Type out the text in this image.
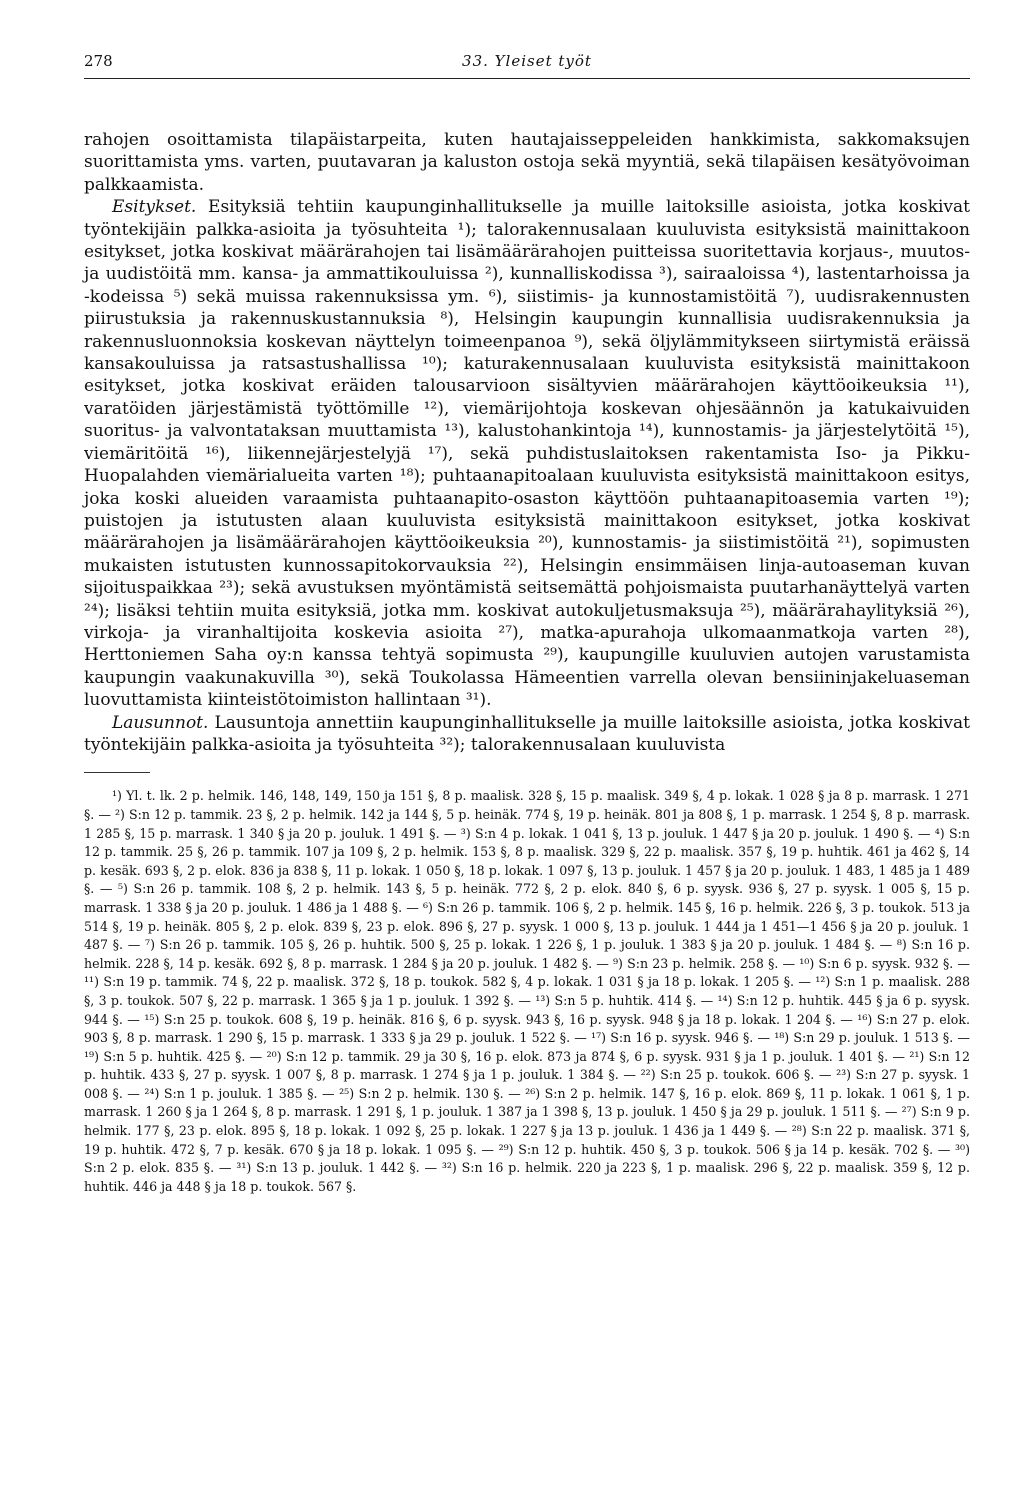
278	33. Yleiset työt

rahojen osoittamista tilapäistarpeita, kuten hautajaisseppeleiden hankkimista, sakkomaksujen suorittamista yms. varten, puutavaran ja kaluston ostoja sekä myyntiä, sekä tilapäisen kesätyövoiman palkkaamista.

Esitykset. Esityksiä tehtiin kaupunginhallitukselle ja muille laitoksille asioista, jotka koskivat työntekijäin palkka-asioita ja työsuhteita ¹); talorakennusalaan kuuluvista esityksistä mainittakoon esitykset, jotka koskivat määrärahojen tai lisämäärärahojen puitteissa suoritettavia korjaus-, muutos- ja uudistöitä mm. kansa- ja ammattikouluissa ²), kunnalliskodissa ³), sairaaloissa ⁴), lastentarhoissa ja -kodeissa ⁵) sekä muissa rakennuksissa ym. ⁶), siistimis- ja kunnostamistöitä ⁷), uudisrakennusten piirustuksia ja rakennuskustannuksia ⁸), Helsingin kaupungin kunnallisia uudisrakennuksia ja rakennusluonnoksia koskevan näyttelyn toimeenpanoa ⁹), sekä öljylämmitykseen siirtymistä eräissä kansakouluissa ja ratsastushallissa ¹⁰); katurakennusalaan kuuluvista esityksistä mainittakoon esitykset, jotka koskivat eräiden talousarvioon sisältyvien määrärahojen käyttöoikeuksia ¹¹), varatöiden järjestämistä työttömille ¹²), viemärijohtoja koskevan ohjesäännön ja katukaivuiden suoritus- ja valvontataksan muuttamista ¹³), kalustohankintoja ¹⁴), kunnostamis- ja järjestelytöitä ¹⁵), viemäritöitä ¹⁶), liikennejärjestelyjä ¹⁷), sekä puhdistuslaitoksen rakentamista Iso- ja Pikku-Huopalahden viemärialueita varten ¹⁸); puhtaanapitoalaan kuuluvista esityksistä mainittakoon esitys, joka koski alueiden varaamista puhtaanapito-osaston käyttöön puhtaanapitoasemia varten ¹⁹); puistojen ja istutusten alaan kuuluvista esityksistä mainittakoon esitykset, jotka koskivat määrärahojen ja lisämäärärahojen käyttöoikeuksia ²⁰), kunnostamis- ja siistimistöitä ²¹), sopimusten mukaisten istutusten kunnossapitokorvauksia ²²), Helsingin ensimmäisen linja-autoaseman kuvan sijoituspaikkaa ²³); sekä avustuksen myöntämistä seitsemättä pohjoismaista puutarhanäyttelyä varten ²⁴); lisäksi tehtiin muita esityksiä, jotka mm. koskivat autokuljetusmaksuja ²⁵), määrärahaylityksiä ²⁶), virkoja- ja viranhaltijoita koskevia asioita ²⁷), matka-apurahoja ulkomaanmatkoja varten ²⁸), Herttoniemen Saha oy:n kanssa tehtyä sopimusta ²⁹), kaupungille kuuluvien autojen varustamista kaupungin vaakunakuvilla ³⁰), sekä Toukolassa Hämeentien varrella olevan bensiininjakeluaseman luovuttamista kiinteistötoimiston hallintaan ³¹).

Lausunnot. Lausuntoja annettiin kaupunginhallitukselle ja muille laitoksille asioista, jotka koskivat työntekijäin palkka-asioita ja työsuhteita ³²); talorakennusalaan kuuluvista

¹) Yl. t. lk. 2 p. helmik. 146, 148, 149, 150 ja 151 §, 8 p. maalisk. 328 §, 15 p. maalisk. 349 §, 4 p. lokak. 1 028 § ja 8 p. marrask. 1 271 §. — ²) S:n 12 p. tammik. 23 §, 2 p. helmik. 142 ja 144 §, 5 p. heinäk. 774 §, 19 p. heinäk. 801 ja 808 §, 1 p. marrask. 1 254 §, 8 p. marrask. 1 285 §, 15 p. marrask. 1 340 § ja 20 p. jouluk. 1 491 §. — ³) S:n 4 p. lokak. 1 041 §, 13 p. jouluk. 1 447 § ja 20 p. jouluk. 1 490 §. — ⁴) S:n 12 p. tammik. 25 §, 26 p. tammik. 107 ja 109 §, 2 p. helmik. 153 §, 8 p. maalisk. 329 §, 22 p. maalisk. 357 §, 19 p. huhtik. 461 ja 462 §, 14 p. kesäk. 693 §, 2 p. elok. 836 ja 838 §, 11 p. lokak. 1 050 §, 18 p. lokak. 1 097 §, 13 p. jouluk. 1 457 § ja 20 p. jouluk. 1 483, 1 485 ja 1 489 §. — ⁵) S:n 26 p. tammik. 108 §, 2 p. helmik. 143 §, 5 p. heinäk. 772 §, 2 p. elok. 840 §, 6 p. syysk. 936 §, 27 p. syysk. 1 005 §, 15 p. marrask. 1 338 § ja 20 p. jouluk. 1 486 ja 1 488 §. — ⁶) S:n 26 p. tammik. 106 §, 2 p. helmik. 145 §, 16 p. helmik. 226 §, 3 p. toukok. 513 ja 514 §, 19 p. heinäk. 805 §, 2 p. elok. 839 §, 23 p. elok. 896 §, 27 p. syysk. 1 000 §, 13 p. jouluk. 1 444 ja 1 451—1 456 § ja 20 p. jouluk. 1 487 §. — ⁷) S:n 26 p. tammik. 105 §, 26 p. huhtik. 500 §, 25 p. lokak. 1 226 §, 1 p. jouluk. 1 383 § ja 20 p. jouluk. 1 484 §. — ⁸) S:n 16 p. helmik. 228 §, 14 p. kesäk. 692 §, 8 p. marrask. 1 284 § ja 20 p. jouluk. 1 482 §. — ⁹) S:n 23 p. helmik. 258 §. — ¹⁰) S:n 6 p. syysk. 932 §. — ¹¹) S:n 19 p. tammik. 74 §, 22 p. maalisk. 372 §, 18 p. toukok. 582 §, 4 p. lokak. 1 031 § ja 18 p. lokak. 1 205 §. — ¹²) S:n 1 p. maalisk. 288 §, 3 p. toukok. 507 §, 22 p. marrask. 1 365 § ja 1 p. jouluk. 1 392 §. — ¹³) S:n 5 p. huhtik. 414 §. — ¹⁴) S:n 12 p. huhtik. 445 § ja 6 p. syysk. 944 §. — ¹⁵) S:n 25 p. toukok. 608 §, 19 p. heinäk. 816 §, 6 p. syysk. 943 §, 16 p. syysk. 948 § ja 18 p. lokak. 1 204 §. — ¹⁶) S:n 27 p. elok. 903 §, 8 p. marrask. 1 290 §, 15 p. marrask. 1 333 § ja 29 p. jouluk. 1 522 §. — ¹⁷) S:n 16 p. syysk. 946 §. — ¹⁸) S:n 29 p. jouluk. 1 513 §. — ¹⁹) S:n 5 p. huhtik. 425 §. — ²⁰) S:n 12 p. tammik. 29 ja 30 §, 16 p. elok. 873 ja 874 §, 6 p. syysk. 931 § ja 1 p. jouluk. 1 401 §. — ²¹) S:n 12 p. huhtik. 433 §, 27 p. syysk. 1 007 §, 8 p. marrask. 1 274 § ja 1 p. jouluk. 1 384 §. — ²²) S:n 25 p. toukok. 606 §. — ²³) S:n 27 p. syysk. 1 008 §. — ²⁴) S:n 1 p. jouluk. 1 385 §. — ²⁵) S:n 2 p. helmik. 130 §. — ²⁶) S:n 2 p. helmik. 147 §, 16 p. elok. 869 §, 11 p. lokak. 1 061 §, 1 p. marrask. 1 260 § ja 1 264 §, 8 p. marrask. 1 291 §, 1 p. jouluk. 1 387 ja 1 398 §, 13 p. jouluk. 1 450 § ja 29 p. jouluk. 1 511 §. — ²⁷) S:n 9 p. helmik. 177 §, 23 p. elok. 895 §, 18 p. lokak. 1 092 §, 25 p. lokak. 1 227 § ja 13 p. jouluk. 1 436 ja 1 449 §. — ²⁸) S:n 22 p. maalisk. 371 §, 19 p. huhtik. 472 §, 7 p. kesäk. 670 § ja 18 p. lokak. 1 095 §. — ²⁹) S:n 12 p. huhtik. 450 §, 3 p. toukok. 506 § ja 14 p. kesäk. 702 §. — ³⁰) S:n 2 p. elok. 835 §. — ³¹) S:n 13 p. jouluk. 1 442 §. — ³²) S:n 16 p. helmik. 220 ja 223 §, 1 p. maalisk. 296 §, 22 p. maalisk. 359 §, 12 p. huhtik. 446 ja 448 § ja 18 p. toukok. 567 §.
